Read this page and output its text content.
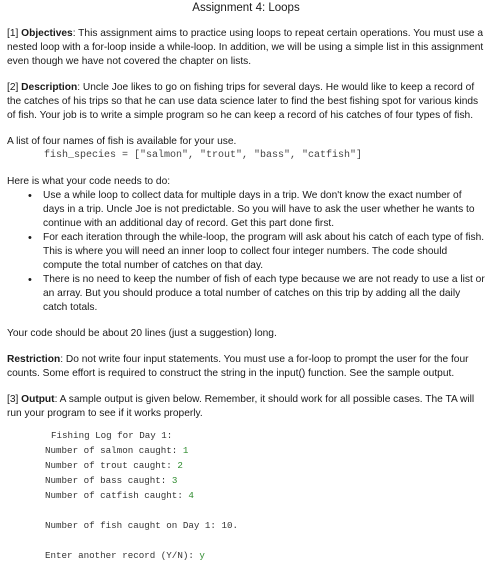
Assignment 4: Loops

[1] Objectives: This assignment aims to practice using loops to repeat certain operations. You must use a nested loop with a for-loop inside a while-loop. In addition, we will be using a simple list in this assignment even though we have not covered the chapter on lists.

[2] Description: Uncle Joe likes to go on fishing trips for several days. He would like to keep a record of the catches of his trips so that he can use data science later to find the best fishing spot for various kinds of fish. Your job is to write a simple program so he can keep a record of his catches of four types of fish.

A list of four names of fish is available for your use.

fish_species = ["salmon", "trout", "bass", "catfish"]

Here is what your code needs to do:

• Use a while loop to collect data for multiple days in a trip. We don't know the exact number of days in a trip. Uncle Joe is not predictable. So you will have to ask the user whether he wants to continue with an additional day of record. Get this part done first.
• For each iteration through the while-loop, the program will ask about his catch of each type of fish. This is where you will need an inner loop to collect four integer numbers. The code should compute the total number of catches on that day.
• There is no need to keep the number of fish of each type because we are not ready to use a list or an array. But you should produce a total number of catches on this trip by adding all the daily catch totals.

Your code should be about 20 lines (just a suggestion) long.

Restriction: Do not write four input statements. You must use a for-loop to prompt the user for the four counts. Some effort is required to construct the string in the input() function. See the sample output.

[3] Output: A sample output is given below. Remember, it should work for all possible cases. The TA will run your program to see if it works properly.

Fishing Log for Day 1:
Number of salmon caught: 1
Number of trout caught: 2
Number of bass caught: 3
Number of catfish caught: 4
Number of fish caught on Day 1: 10.
Enter another record (Y/N): y
